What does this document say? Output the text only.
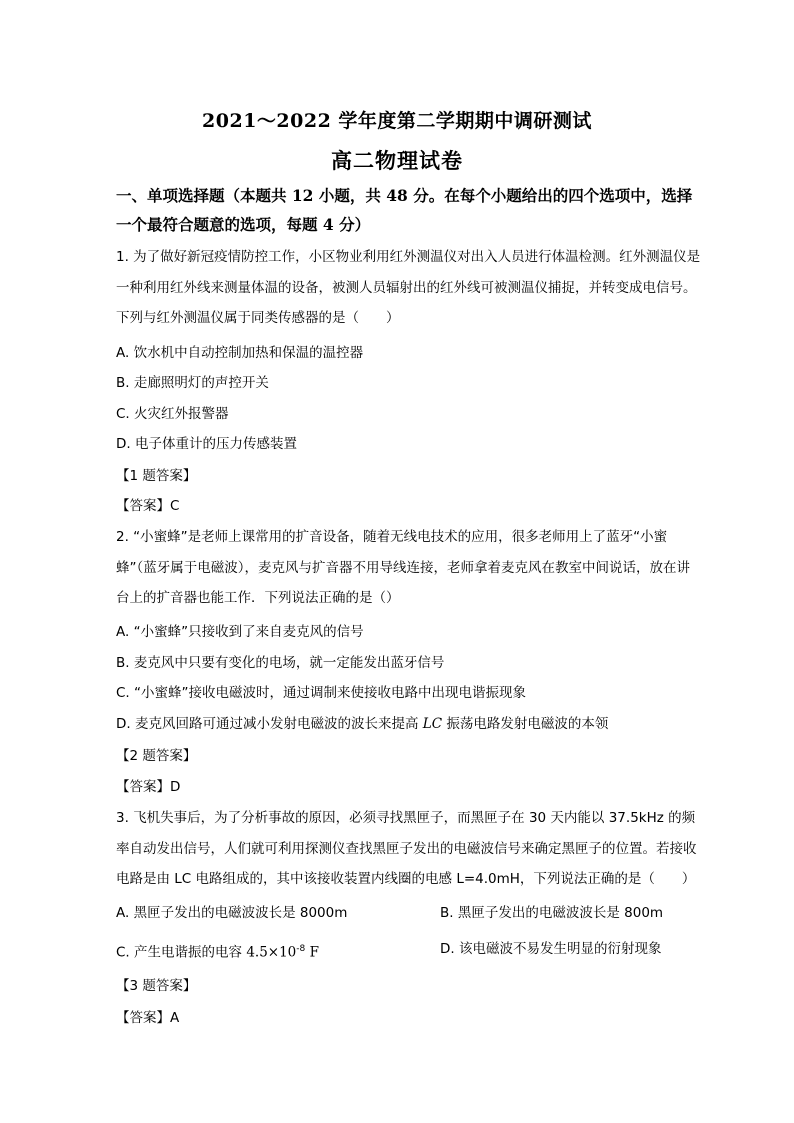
2021～2022 学年度第二学期期中调研测试
高二物理试卷
一、单项选择题（本题共 12 小题，共 48 分。在每个小题给出的四个选项中，选择一个最符合题意的选项，每题 4 分）
1. 为了做好新冠疫情防控工作，小区物业利用红外测温仪对出入人员进行体温检测。红外测温仪是一种利用红外线来测量体温的设备，被测人员辐射出的红外线可被测温仪捕捉，并转变成电信号。下列与红外测温仪属于同类传感器的是（　　）
A. 饮水机中自动控制加热和保温的温控器
B. 走廊照明灯的声控开关
C. 火灾红外报警器
D. 电子体重计的压力传感装置
【1 题答案】
【答案】C
2. “小蜜蜂”是老师上课常用的扩音设备，随着无线电技术的应用，很多老师用上了蓝牙“小蜜蜂”（蓝牙属于电磁波），麦克风与扩音器不用导线连接，老师拿着麦克风在教室中间说话，放在讲台上的扩音器也能工作．下列说法正确的是（）
A. “小蜜蜂”只接收到了来自麦克风的信号
B. 麦克风中只要有变化的电场，就一定能发出蓝牙信号
C. “小蜜蜂”接收电磁波时，通过调制来使接收电路中出现电谐振现象
D. 麦克风回路可通过减小发射电磁波的波长来提高 LC 振荡电路发射电磁波的本领
【2 题答案】
【答案】D
3. 飞机失事后，为了分析事故的原因，必须寻找黑匣子，而黑匣子在 30 天内能以 37.5kHz 的频率自动发出信号，人们就可利用探测仪查找黑匣子发出的电磁波信号来确定黑匣子的位置。若接收电路是由 LC 电路组成的，其中该接收装置内线圈的电感 L=4.0mH，下列说法正确的是（　　）
A. 黑匣子发出的电磁波波长是 8000m	B. 黑匣子发出的电磁波波长是 800m
C. 产生电谐振的电容 $4.5\times 10^{-8}$ F	D. 该电磁波不易发生明显的衍射现象
【3 题答案】
【答案】A
